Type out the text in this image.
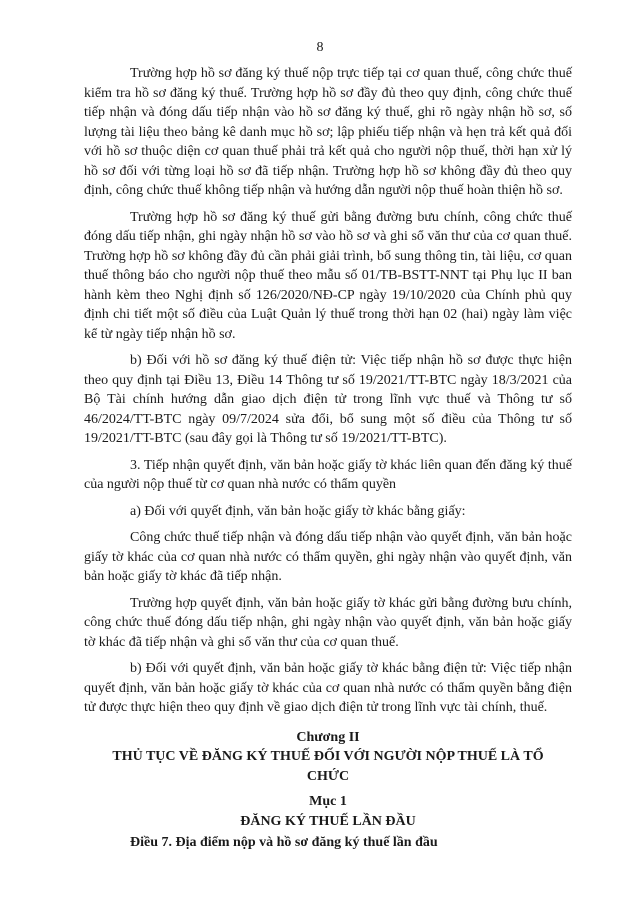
8

Trường hợp hồ sơ đăng ký thuế nộp trực tiếp tại cơ quan thuế, công chức thuế kiểm tra hồ sơ đăng ký thuế. Trường hợp hồ sơ đầy đủ theo quy định, công chức thuế tiếp nhận và đóng dấu tiếp nhận vào hồ sơ đăng ký thuế, ghi rõ ngày nhận hồ sơ, số lượng tài liệu theo bảng kê danh mục hồ sơ; lập phiếu tiếp nhận và hẹn trả kết quả đối với hồ sơ thuộc diện cơ quan thuế phải trả kết quả cho người nộp thuế, thời hạn xử lý hồ sơ đối với từng loại hồ sơ đã tiếp nhận. Trường hợp hồ sơ không đầy đủ theo quy định, công chức thuế không tiếp nhận và hướng dẫn người nộp thuế hoàn thiện hồ sơ.

Trường hợp hồ sơ đăng ký thuế gửi bằng đường bưu chính, công chức thuế đóng dấu tiếp nhận, ghi ngày nhận hồ sơ vào hồ sơ và ghi sổ văn thư của cơ quan thuế. Trường hợp hồ sơ không đầy đủ cần phải giải trình, bổ sung thông tin, tài liệu, cơ quan thuế thông báo cho người nộp thuế theo mẫu số 01/TB-BSTT-NNT tại Phụ lục II ban hành kèm theo Nghị định số 126/2020/NĐ-CP ngày 19/10/2020 của Chính phủ quy định chi tiết một số điều của Luật Quản lý thuế trong thời hạn 02 (hai) ngày làm việc kể từ ngày tiếp nhận hồ sơ.

b) Đối với hồ sơ đăng ký thuế điện tử: Việc tiếp nhận hồ sơ được thực hiện theo quy định tại Điều 13, Điều 14 Thông tư số 19/2021/TT-BTC ngày 18/3/2021 của Bộ Tài chính hướng dẫn giao dịch điện tử trong lĩnh vực thuế và Thông tư số 46/2024/TT-BTC ngày 09/7/2024 sửa đổi, bổ sung một số điều của Thông tư số 19/2021/TT-BTC (sau đây gọi là Thông tư số 19/2021/TT-BTC).

3. Tiếp nhận quyết định, văn bản hoặc giấy tờ khác liên quan đến đăng ký thuế của người nộp thuế từ cơ quan nhà nước có thẩm quyền

a) Đối với quyết định, văn bản hoặc giấy tờ khác bằng giấy:

Công chức thuế tiếp nhận và đóng dấu tiếp nhận vào quyết định, văn bản hoặc giấy tờ khác của cơ quan nhà nước có thẩm quyền, ghi ngày nhận vào quyết định, văn bản hoặc giấy tờ khác đã tiếp nhận.

Trường hợp quyết định, văn bản hoặc giấy tờ khác gửi bằng đường bưu chính, công chức thuế đóng dấu tiếp nhận, ghi ngày nhận vào quyết định, văn bản hoặc giấy tờ khác đã tiếp nhận và ghi sổ văn thư của cơ quan thuế.

b) Đối với quyết định, văn bản hoặc giấy tờ khác bằng điện tử: Việc tiếp nhận quyết định, văn bản hoặc giấy tờ khác của cơ quan nhà nước có thẩm quyền bằng điện tử được thực hiện theo quy định về giao dịch điện tử trong lĩnh vực tài chính, thuế.

Chương II
THỦ TỤC VỀ ĐĂNG KÝ THUẾ ĐỐI VỚI NGƯỜI NỘP THUẾ LÀ TỔ CHỨC
Mục 1
ĐĂNG KÝ THUẾ LẦN ĐẦU
Điều 7. Địa điểm nộp và hồ sơ đăng ký thuế lần đầu
